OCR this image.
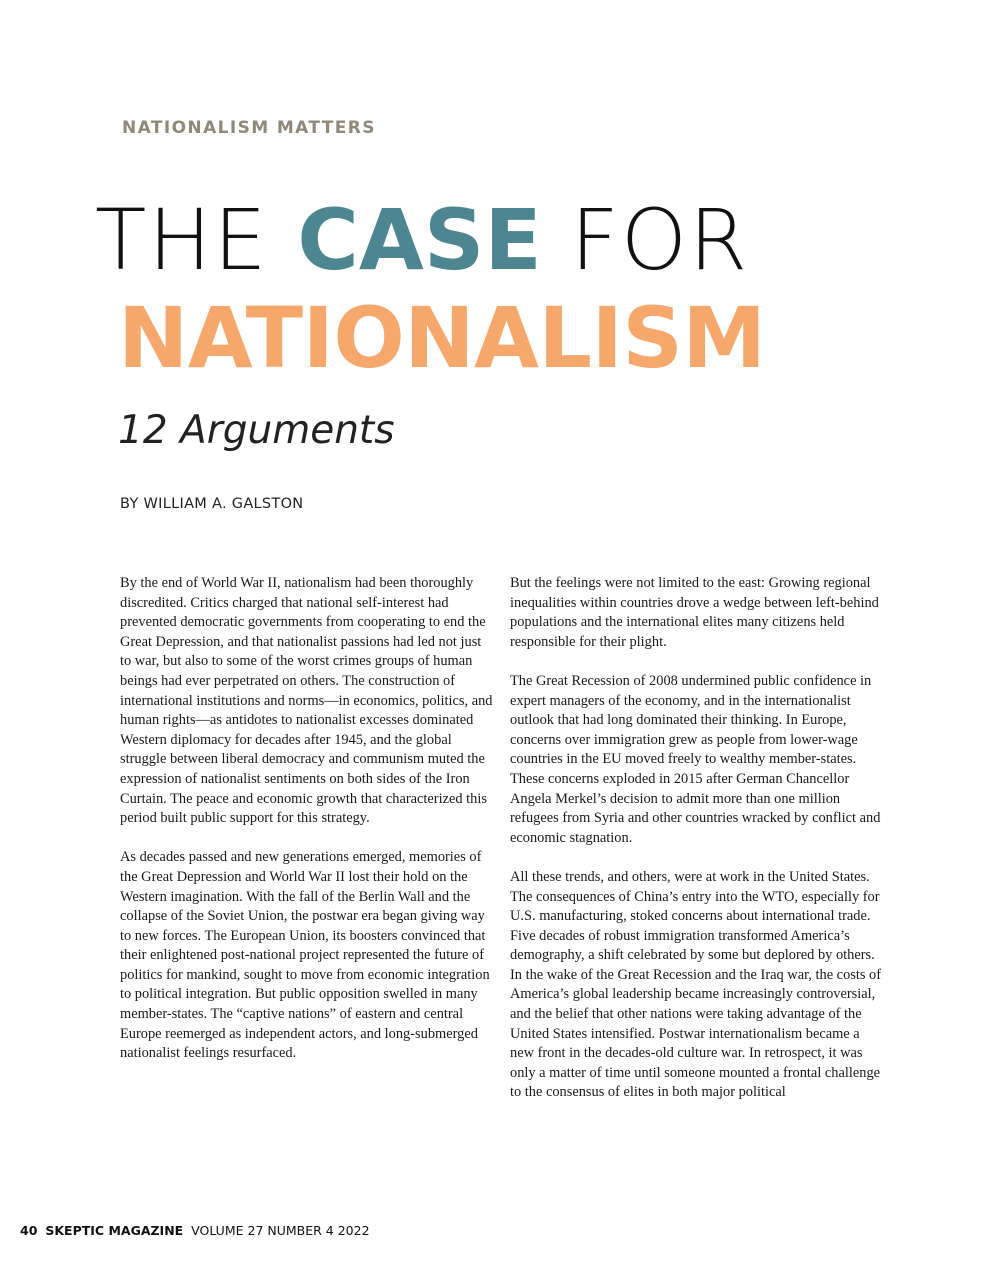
NATIONALISM MATTERS
THE CASE FOR
NATIONALISM
12 Arguments
BY WILLIAM A. GALSTON

By the end of World War II, nationalism had been thoroughly discredited. Critics charged that national self-interest had prevented democratic governments from cooperating to end the Great Depression, and that nationalist passions had led not just to war, but also to some of the worst crimes groups of human beings had ever perpetrated on others. The construction of international institutions and norms—in economics, politics, and human rights—as antidotes to nationalist excesses dominated Western diplomacy for decades after 1945, and the global struggle between liberal democracy and communism muted the expression of nationalist sentiments on both sides of the Iron Curtain. The peace and economic growth that characterized this period built public support for this strategy.

As decades passed and new generations emerged, memories of the Great Depression and World War II lost their hold on the Western imagination. With the fall of the Berlin Wall and the collapse of the Soviet Union, the postwar era began giving way to new forces. The European Union, its boosters convinced that their enlightened post-national project represented the future of politics for mankind, sought to move from economic integration to political integration. But public opposition swelled in many member-states. The “captive nations” of eastern and central Europe reemerged as independent actors, and long-submerged nationalist feelings resurfaced.

But the feelings were not limited to the east: Growing regional inequalities within countries drove a wedge between left-behind populations and the international elites many citizens held responsible for their plight.

The Great Recession of 2008 undermined public confidence in expert managers of the economy, and in the internationalist outlook that had long dominated their thinking. In Europe, concerns over immigration grew as people from lower-wage countries in the EU moved freely to wealthy member-states. These concerns exploded in 2015 after German Chancellor Angela Merkel’s decision to admit more than one million refugees from Syria and other countries wracked by conflict and economic stagnation.

All these trends, and others, were at work in the United States. The consequences of China’s entry into the WTO, especially for U.S. manufacturing, stoked concerns about international trade. Five decades of robust immigration transformed America’s demography, a shift celebrated by some but deplored by others. In the wake of the Great Recession and the Iraq war, the costs of America’s global leadership became increasingly controversial, and the belief that other nations were taking advantage of the United States intensified. Postwar internationalism became a new front in the decades-old culture war. In retrospect, it was only a matter of time until someone mounted a frontal challenge to the consensus of elites in both major political

40 SKEPTIC MAGAZINE VOLUME 27 NUMBER 4 2022
